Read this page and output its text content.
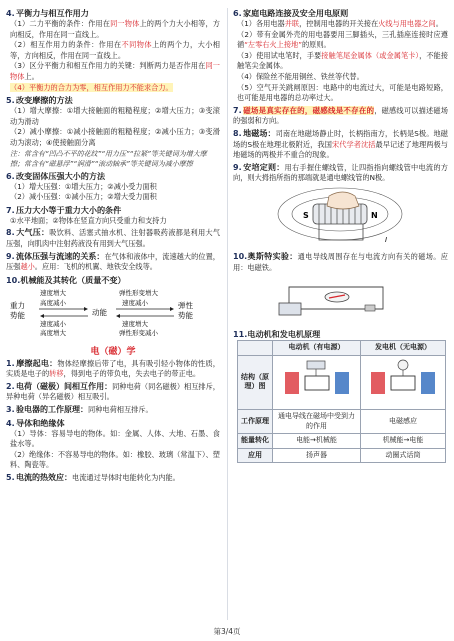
4. 平衡力与相互作用力
（1）二力平衡的条件：作用在同一物体上的两个力大小相等，方向相反，作用在同一直线上。
（2）相互作用力的条件：作用在不同物体上的两个力，大小相等，方向相反，作用在同一直线上。
（3）区分平衡力和相互作用力的关键：判断两力是否作用在同一物体上。
（4）平衡力的合力为零，相互作用力不能求合力。
5. 改变摩擦的方法
（1）增大摩擦：①增大接触面的粗糙程度；②增大压力；③变滚动为滑动
（2）减小摩擦：①减小接触面的粗糙程度；②减小压力；③变滑动为滚动；④使接触面分离
注：常含有“凹凸不平的花纹”“用力压”“拉紧”等关键词为增大摩擦；常含有“磁悬浮”“润滑”“滚动轴承”等关键词为减小摩擦
6. 改变固体压强大小的方法
（1）增大压强：①增大压力；②减小受力面积
（2）减小压强：①减小压力；②增大受力面积
7. 压力大小等于重力大小的条件
①水平地面；②物体在竖直方向只受重力和支持力
8.大气压：吸饮料、活塞式抽水机、注射器吸药液都是利用大气压强，向肌肉中注射药液没有用到大气压强。
9.流体压强与流速的关系：在气体和液体中，流速越大的位置，压强越小。应用：飞机的机翼、地铁安全线等。
10. 机械能及其转化（质量不变）
重力
势能
速度增大
高度减小
速度减小
高度增大
动能
弹性形变增大
速度减小
速度增大
弹性形变减小
弹性
势能
电（磁）学
1.摩擦起电：物体经摩擦后带了电，具有吸引轻小物体的性质，实质是电子的转移，得到电子的带负电，失去电子的带正电。
2.电荷（磁极）间相互作用：同种电荷（同名磁极）相互排斥，异种电荷（异名磁极）相互吸引。
3.验电器的工作原理：同种电荷相互排斥。
4. 导体和绝缘体
（1）导体：容易导电的物体。如：金属、人体、大地、石墨、食盐水等。
（2）绝缘体：不容易导电的物体。如：橡胶、玻璃（常温下）、塑料、陶瓷等。
5.电流的热效应：电流通过导体时电能转化为内能。
6. 家庭电路连接及安全用电原则
（1）各用电器并联，控制用电器的开关接在火线与用电器之间。
（2）带有金属外壳的用电器要用三脚插头，三孔插座连接时应遵循“左零右火上接地”的原则。
（3）使用试电笔时，手要接触笔尾金属体（或金属笔卡），不能接触笔尖金属体。
（4）保险丝不能用铜丝、铁丝等代替。
（5）空气开关跳闸原因：电路中的电流过大，可能是电路短路，也可能是用电器的总功率过大。
7.磁场是真实存在的，磁感线是不存在的，磁感线可以描述磁场的强弱和方向。
8.地磁场：司南在地磁场静止时，长柄指南方，长柄是S极。地磁场的S极在地理北极附近，我国宋代学者沈括最早记述了地理两极与地磁场的两极并不重合的现象。
9.安培定则：用右手握住螺线管，让四指指向螺线管中电流的方向，则大拇指所指的那端就是通电螺线管的N极。
S	N
I
10.奥斯特实验：通电导线周围存在与电流方向有关的磁场。应用：电磁铁。
11. 电动机和发电机原理
	电动机（有电源）	发电机（无电源）
结构（原理）图		
工作原理	通电导线在磁场中受到力的作用	电磁感应
能量转化	电能→机械能	机械能→电能
应用	扬声器	动圈式话筒
第3/4页
